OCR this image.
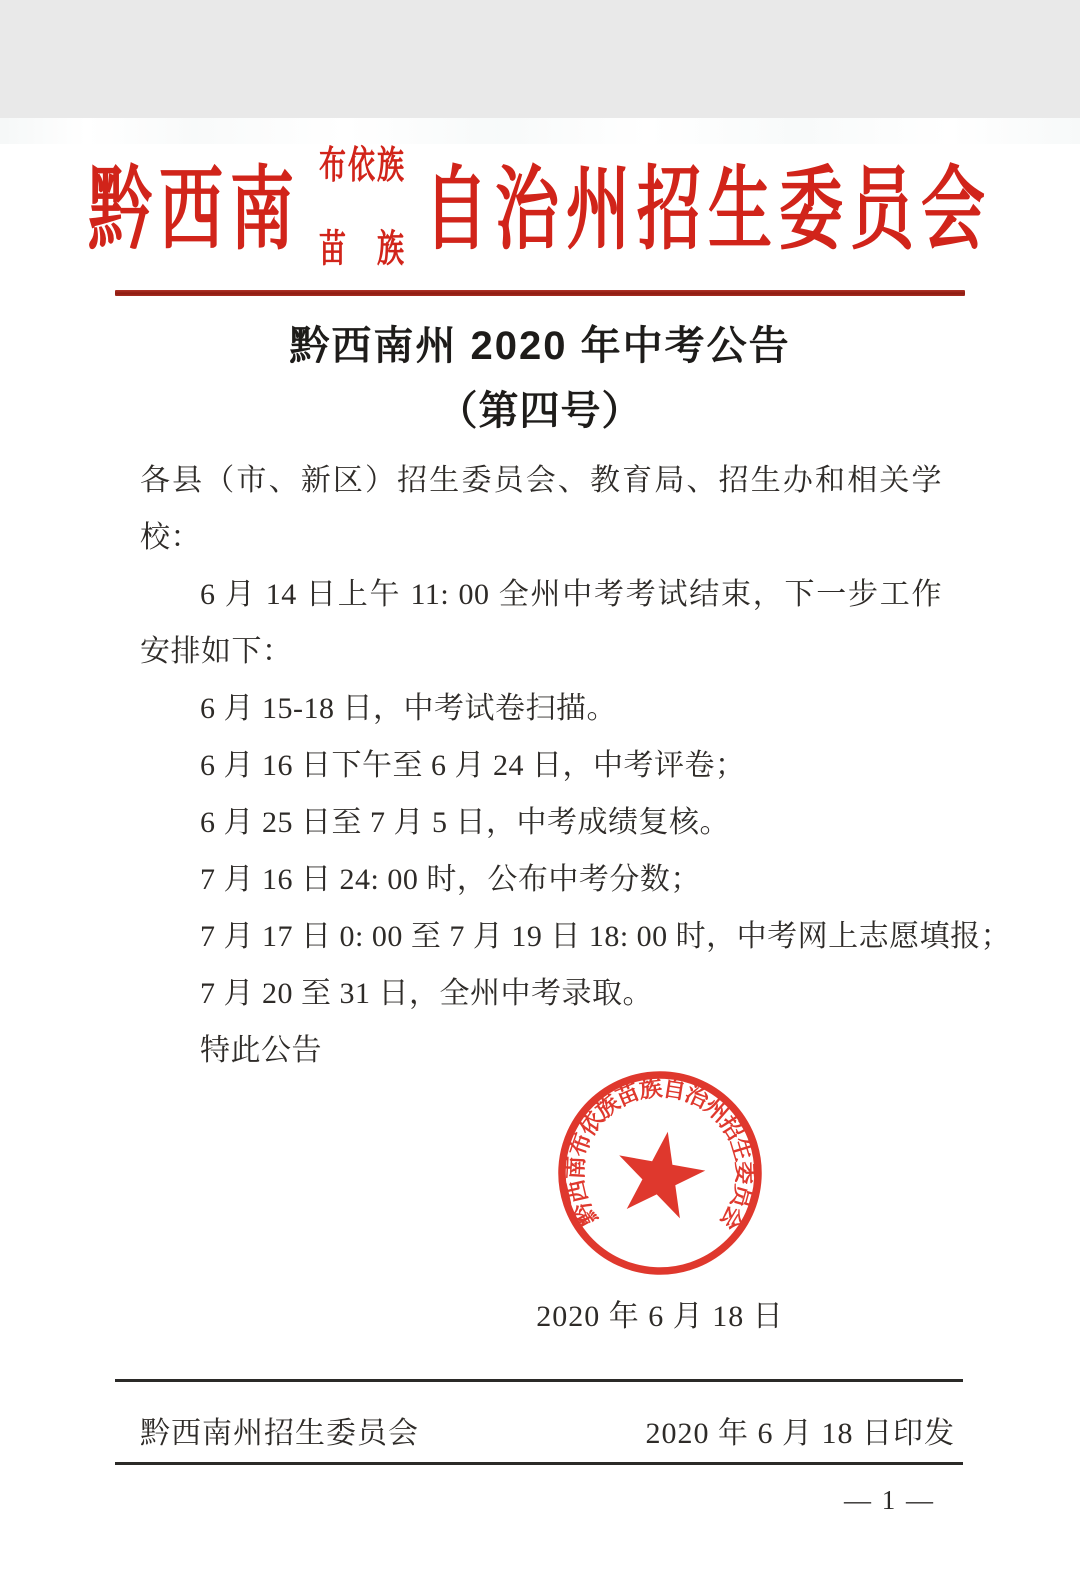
黔西南 布依族
苗　族 自治州招生委员会
黔西南州 2020 年中考公告
（第四号）

各县（市、新区）招生委员会、教育局、招生办和相关学校：

6 月 14 日上午 11: 00 全州中考考试结束，下一步工作安排如下：

6 月 15-18 日，中考试卷扫描。

6 月 16 日下午至 6 月 24 日，中考评卷；

6 月 25 日至 7 月 5 日，中考成绩复核。

7 月 16 日 24: 00 时，公布中考分数；

7 月 17 日 0: 00 至 7 月 19 日 18: 00 时，中考网上志愿填报；

7 月 20 至 31 日，全州中考录取。

特此公告

黔西南布依族苗族自治州招生委员会
2020 年 6 月 18 日
黔西南州招生委员会	2020 年 6 月 18 日印发
— 1 —
